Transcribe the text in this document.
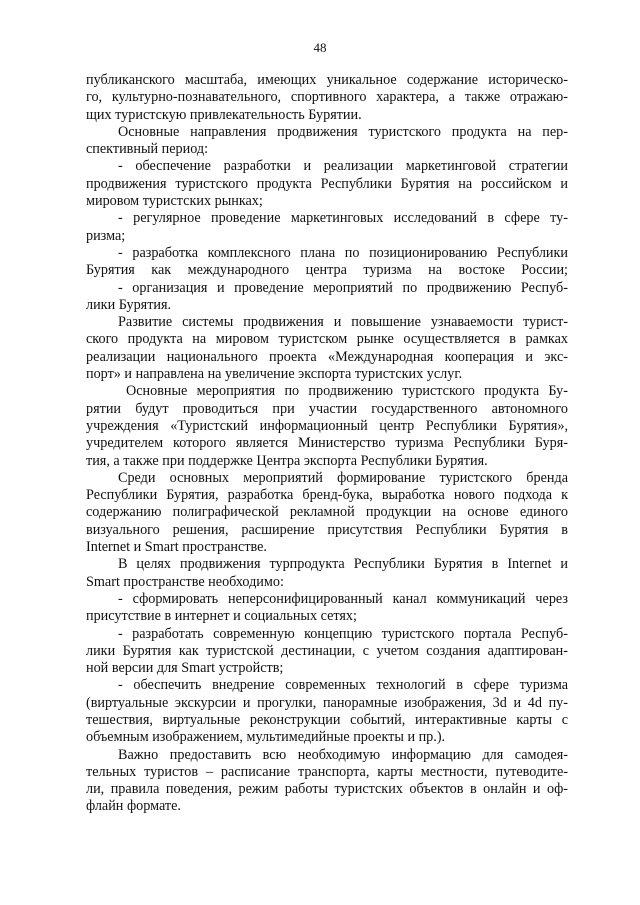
48
публиканского масштаба, имеющих уникальное содержание историческо-
го, культурно-познавательного, спортивного характера, а также отражаю-
щих туристскую привлекательность Бурятии.
Основные направления продвижения туристского продукта на пер-
спективный период:
- обеспечение разработки и реализации маркетинговой стратегии
продвижения туристского продукта Республики Бурятия на российском и
мировом туристских рынках;
- регулярное проведение маркетинговых исследований в сфере ту-
ризма;
- разработка комплексного плана по позиционированию Республики
Бурятия как международного центра туризма на востоке России;
- организация и проведение мероприятий по продвижению Респуб-
лики Бурятия.
Развитие системы продвижения и повышение узнаваемости турист-
ского продукта на мировом туристском рынке осуществляется в рамках
реализации национального проекта «Международная кооперация и экс-
порт» и направлена на увеличение экспорта туристских услуг.
Основные мероприятия по продвижению туристского продукта Бу-
рятии будут проводиться при участии государственного автономного
учреждения «Туристский информационный центр Республики Бурятия»,
учредителем которого является Министерство туризма Республики Буря-
тия, а также при поддержке Центра экспорта Республики Бурятия.
Среди основных мероприятий формирование туристского бренда
Республики Бурятия, разработка бренд-бука, выработка нового подхода к
содержанию полиграфической рекламной продукции на основе единого
визуального решения, расширение присутствия Республики Бурятия в
Internet и Smart пространстве.
В целях продвижения турпродукта Республики Бурятия в Internet и
Smart пространстве необходимо:
- сформировать неперсонифицированный канал коммуникаций через
присутствие в интернет и социальных сетях;
- разработать современную концепцию туристского портала Респуб-
лики Бурятия как туристской дестинации, с учетом создания адаптирован-
ной версии для Smart устройств;
- обеспечить внедрение современных технологий в сфере туризма
(виртуальные экскурсии и прогулки, панорамные изображения, 3d и 4d пу-
тешествия, виртуальные реконструкции событий, интерактивные карты с
объемным изображением, мультимедийные проекты и пр.).
Важно предоставить всю необходимую информацию для самодея-
тельных туристов – расписание транспорта, карты местности, путеводите-
ли, правила поведения, режим работы туристских объектов в онлайн и оф-
флайн формате.
